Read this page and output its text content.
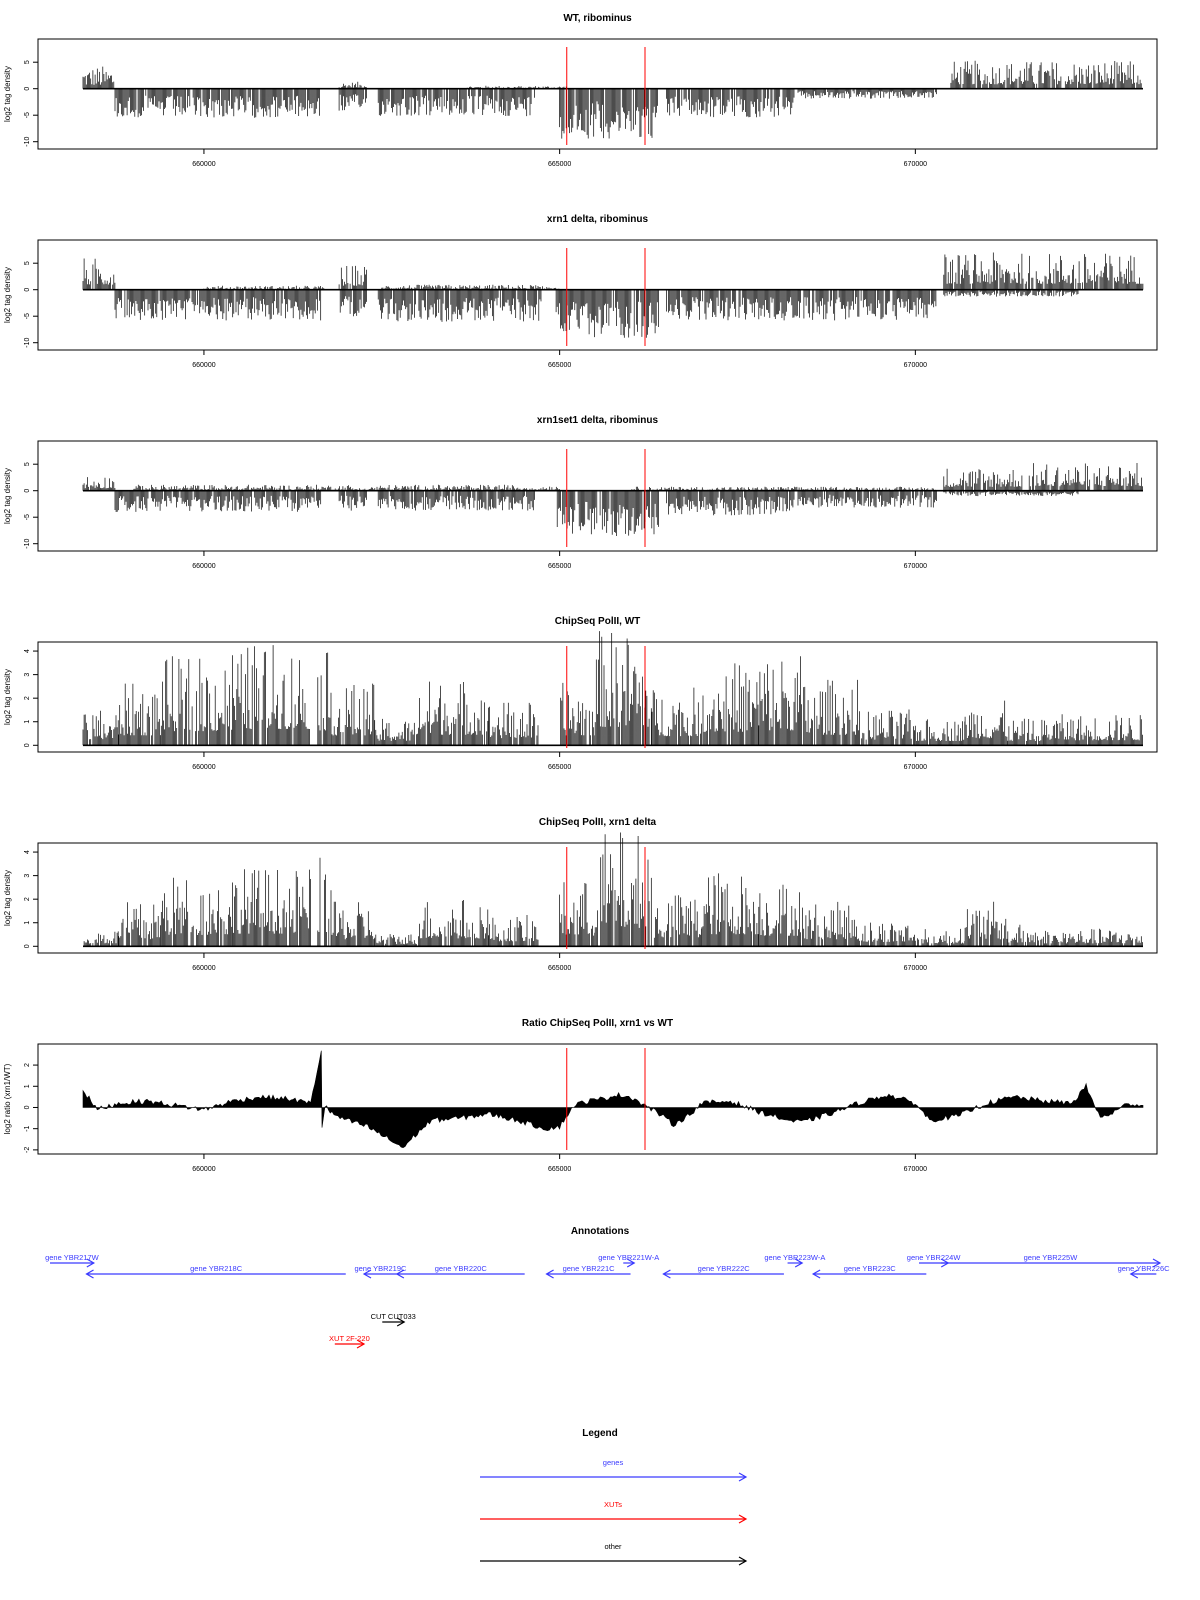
WT, ribominus
log2 tag density
-10
-5
0
5
660000	665000	670000
xrn1 delta, ribominus
log2 tag density
-10
-5
0
5
660000	665000	670000
xrn1set1 delta, ribominus
log2 tag density
-10
-5
0
5
660000	665000	670000
ChipSeq PolII, WT
log2 tag density
0
1
2
3
4
660000	665000	670000
ChipSeq PolII, xrn1 delta
log2 tag density
0
1
2
3
4
660000	665000	670000
Ratio ChipSeq PolII, xrn1 vs WT
log2 ratio (xrn1/WT)
-2
-1
0
1
2
660000	665000	670000
Annotations
gene YBR217W
gene YBR218C	gene YBR219C	gene YBR220C	gene YBR221C
gene YBR221W-A
gene YBR222C
gene YBR223W-A
gene YBR223C
gene YBR224W	gene YBR225W
gene YBR226C
CUT CUT033
XUT 2F-220
Legend
genes
XUTs
other
